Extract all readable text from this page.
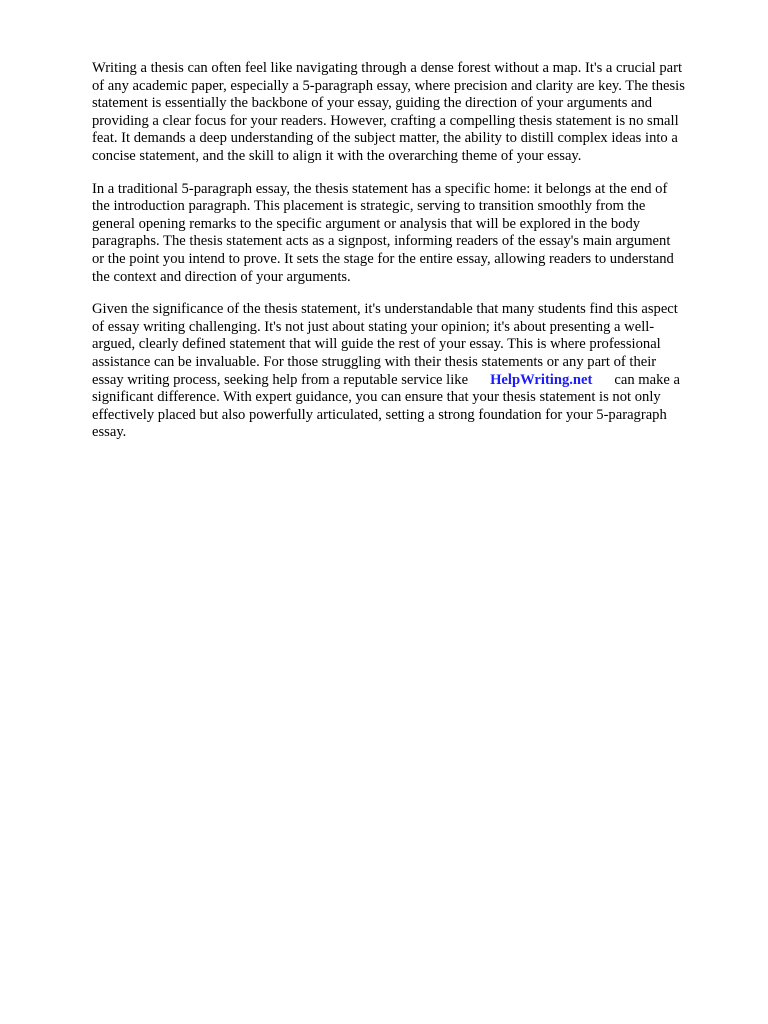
Writing a thesis can often feel like navigating through a dense forest without a map. It's a crucial part
of any academic paper, especially a 5-paragraph essay, where precision and clarity are key. The thesis
statement is essentially the backbone of your essay, guiding the direction of your arguments and
providing a clear focus for your readers. However, crafting a compelling thesis statement is no small
feat. It demands a deep understanding of the subject matter, the ability to distill complex ideas into a
concise statement, and the skill to align it with the overarching theme of your essay.
In a traditional 5-paragraph essay, the thesis statement has a specific home: it belongs at the end of
the introduction paragraph. This placement is strategic, serving to transition smoothly from the
general opening remarks to the specific argument or analysis that will be explored in the body
paragraphs. The thesis statement acts as a signpost, informing readers of the essay's main argument
or the point you intend to prove. It sets the stage for the entire essay, allowing readers to understand
the context and direction of your arguments.
Given the significance of the thesis statement, it's understandable that many students find this aspect
of essay writing challenging. It's not just about stating your opinion; it's about presenting a well-
argued, clearly defined statement that will guide the rest of your essay. This is where professional
assistance can be invaluable. For those struggling with their thesis statements or any part of their
essay writing process, seeking help from a reputable service like HelpWriting.net can make a
significant difference. With expert guidance, you can ensure that your thesis statement is not only
effectively placed but also powerfully articulated, setting a strong foundation for your 5-paragraph
essay.
